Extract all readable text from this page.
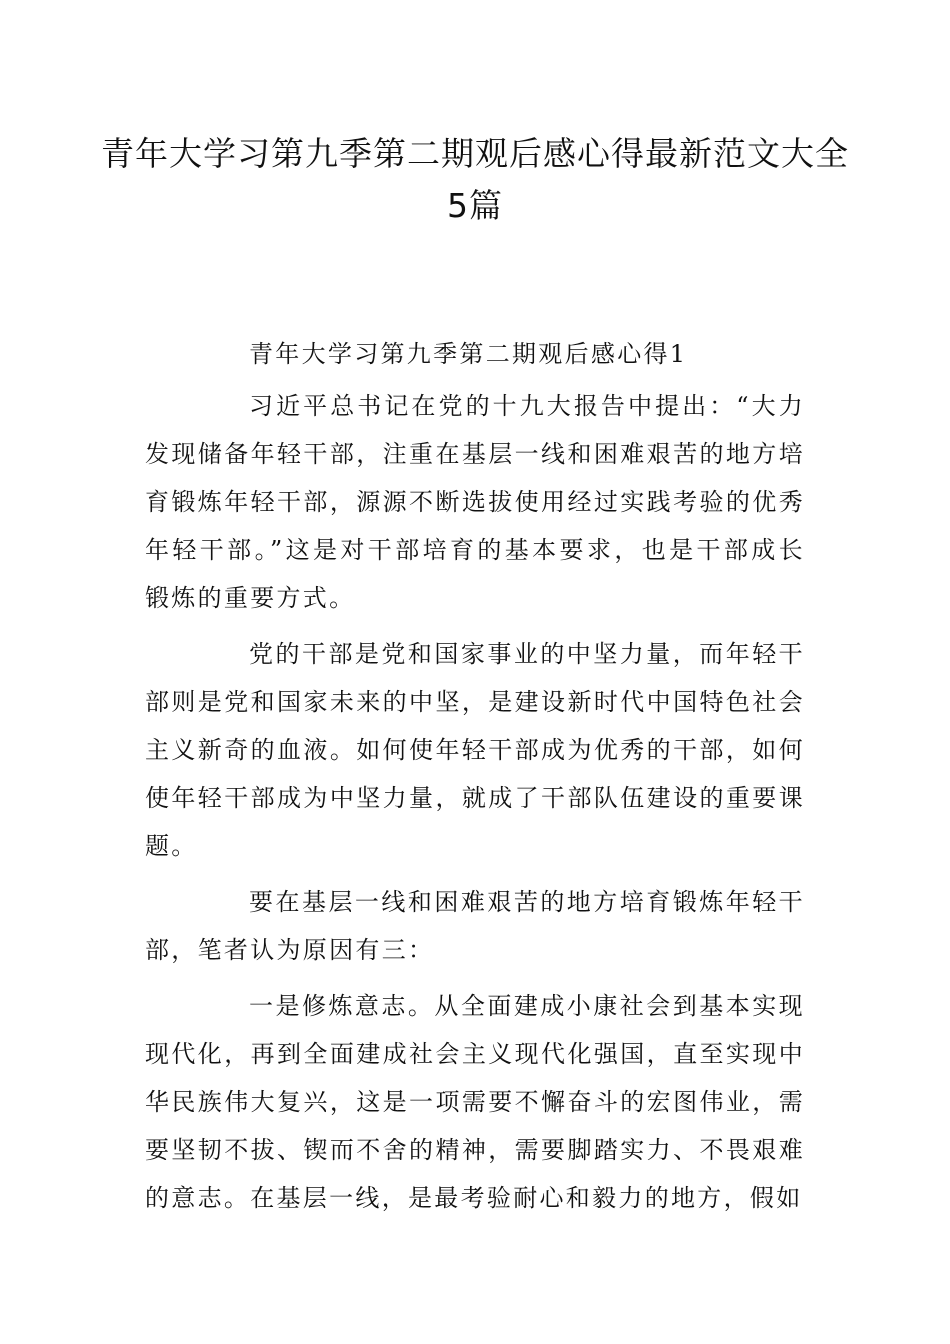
青年大学习第九季第二期观后感心得最新范文大全5篇

青年大学习第九季第二期观后感心得1

习近平总书记在党的十九大报告中提出：“大力发现储备年轻干部，注重在基层一线和困难艰苦的地方培育锻炼年轻干部，源源不断选拔使用经过实践考验的优秀年轻干部。”这是对干部培育的基本要求，也是干部成长锻炼的重要方式。

党的干部是党和国家事业的中坚力量，而年轻干部则是党和国家未来的中坚，是建设新时代中国特色社会主义新奇的血液。如何使年轻干部成为优秀的干部，如何使年轻干部成为中坚力量，就成了干部队伍建设的重要课题。

要在基层一线和困难艰苦的地方培育锻炼年轻干部，笔者认为原因有三：

一是修炼意志。从全面建成小康社会到基本实现现代化，再到全面建成社会主义现代化强国，直至实现中华民族伟大复兴，这是一项需要不懈奋斗的宏图伟业，需要坚韧不拔、锲而不舍的精神，需要脚踏实力、不畏艰难的意志。在基层一线，是最考验耐心和毅力的地方，假如
